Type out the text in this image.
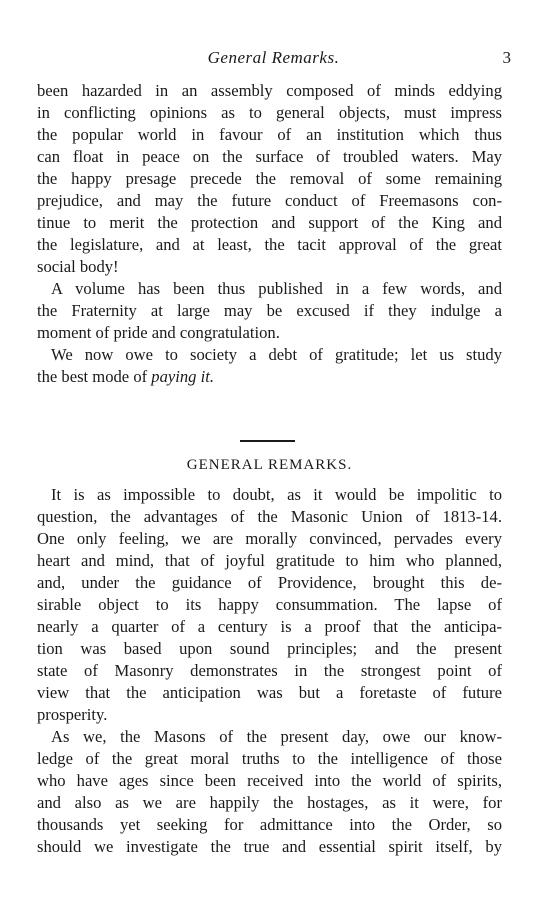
General Remarks.	3
been hazarded in an assembly composed of minds eddying
in conflicting opinions as to general objects, must impress
the popular world in favour of an institution which thus
can float in peace on the surface of troubled waters. May
the happy presage precede the removal of some remaining
prejudice, and may the future conduct of Freemasons con-
tinue to merit the protection and support of the King and
the legislature, and at least, the tacit approval of the great
social body!
A volume has been thus published in a few words, and
the Fraternity at large may be excused if they indulge a
moment of pride and congratulation.
We now owe to society a debt of gratitude; let us study
the best mode of paying it.
GENERAL REMARKS.
It is as impossible to doubt, as it would be impolitic to
question, the advantages of the Masonic Union of 1813-14.
One only feeling, we are morally convinced, pervades every
heart and mind, that of joyful gratitude to him who planned,
and, under the guidance of Providence, brought this de-
sirable object to its happy consummation. The lapse of
nearly a quarter of a century is a proof that the anticipa-
tion was based upon sound principles; and the present
state of Masonry demonstrates in the strongest point of
view that the anticipation was but a foretaste of future
prosperity.
As we, the Masons of the present day, owe our know-
ledge of the great moral truths to the intelligence of those
who have ages since been received into the world of spirits,
and also as we are happily the hostages, as it were, for
thousands yet seeking for admittance into the Order, so
should we investigate the true and essential spirit itself, by
